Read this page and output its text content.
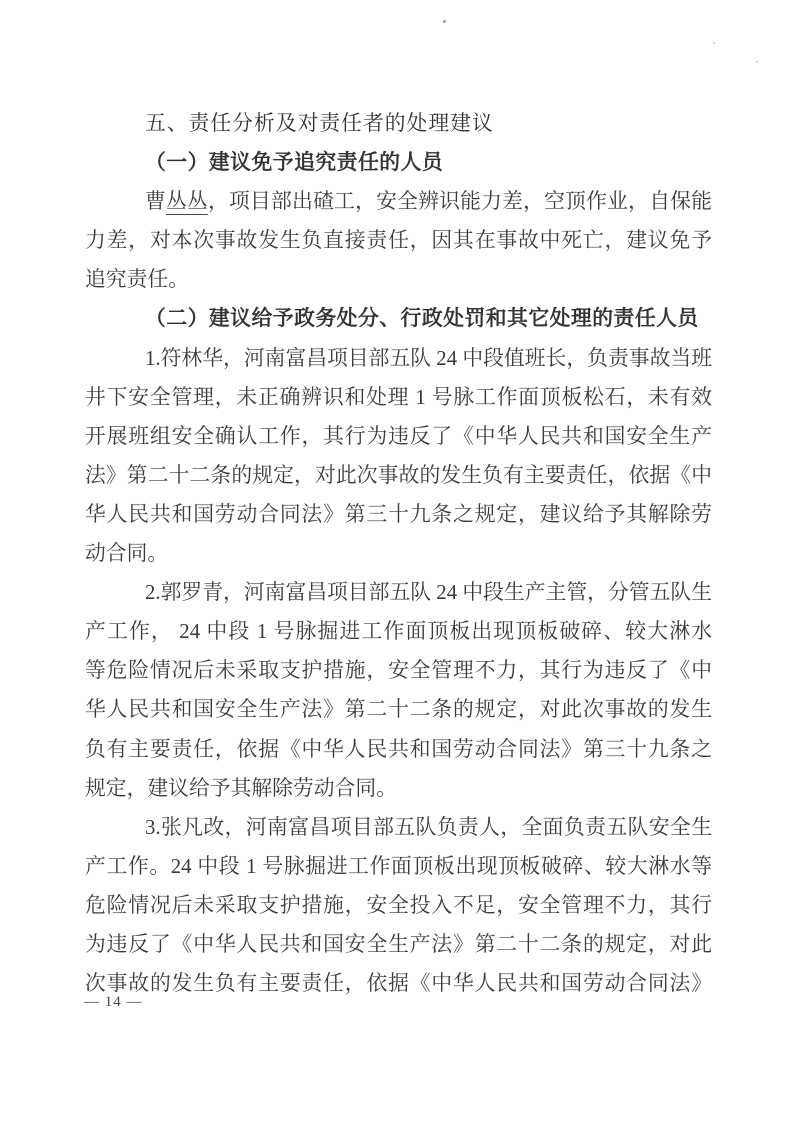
五、责任分析及对责任者的处理建议
（一）建议免予追究责任的人员
曹丛丛，项目部出碴工，安全辨识能力差，空顶作业，自保能
力差，对本次事故发生负直接责任，因其在事故中死亡，建议免予
追究责任。
（二）建议给予政务处分、行政处罚和其它处理的责任人员
1.符林华，河南富昌项目部五队 24 中段值班长，负责事故当班
井下安全管理，未正确辨识和处理 1 号脉工作面顶板松石，未有效
开展班组安全确认工作，其行为违反了《中华人民共和国安全生产
法》第二十二条的规定，对此次事故的发生负有主要责任，依据《中
华人民共和国劳动合同法》第三十九条之规定，建议给予其解除劳
动合同。
2.郭罗青，河南富昌项目部五队 24 中段生产主管，分管五队生
产工作， 24 中段 1 号脉掘进工作面顶板出现顶板破碎、较大淋水
等危险情况后未采取支护措施，安全管理不力，其行为违反了《中
华人民共和国安全生产法》第二十二条的规定，对此次事故的发生
负有主要责任，依据《中华人民共和国劳动合同法》第三十九条之
规定，建议给予其解除劳动合同。
3.张凡改，河南富昌项目部五队负责人，全面负责五队安全生
产工作。24 中段 1 号脉掘进工作面顶板出现顶板破碎、较大淋水等
危险情况后未采取支护措施，安全投入不足，安全管理不力，其行
为违反了《中华人民共和国安全生产法》第二十二条的规定，对此
次事故的发生负有主要责任，依据《中华人民共和国劳动合同法》
— 14 —
